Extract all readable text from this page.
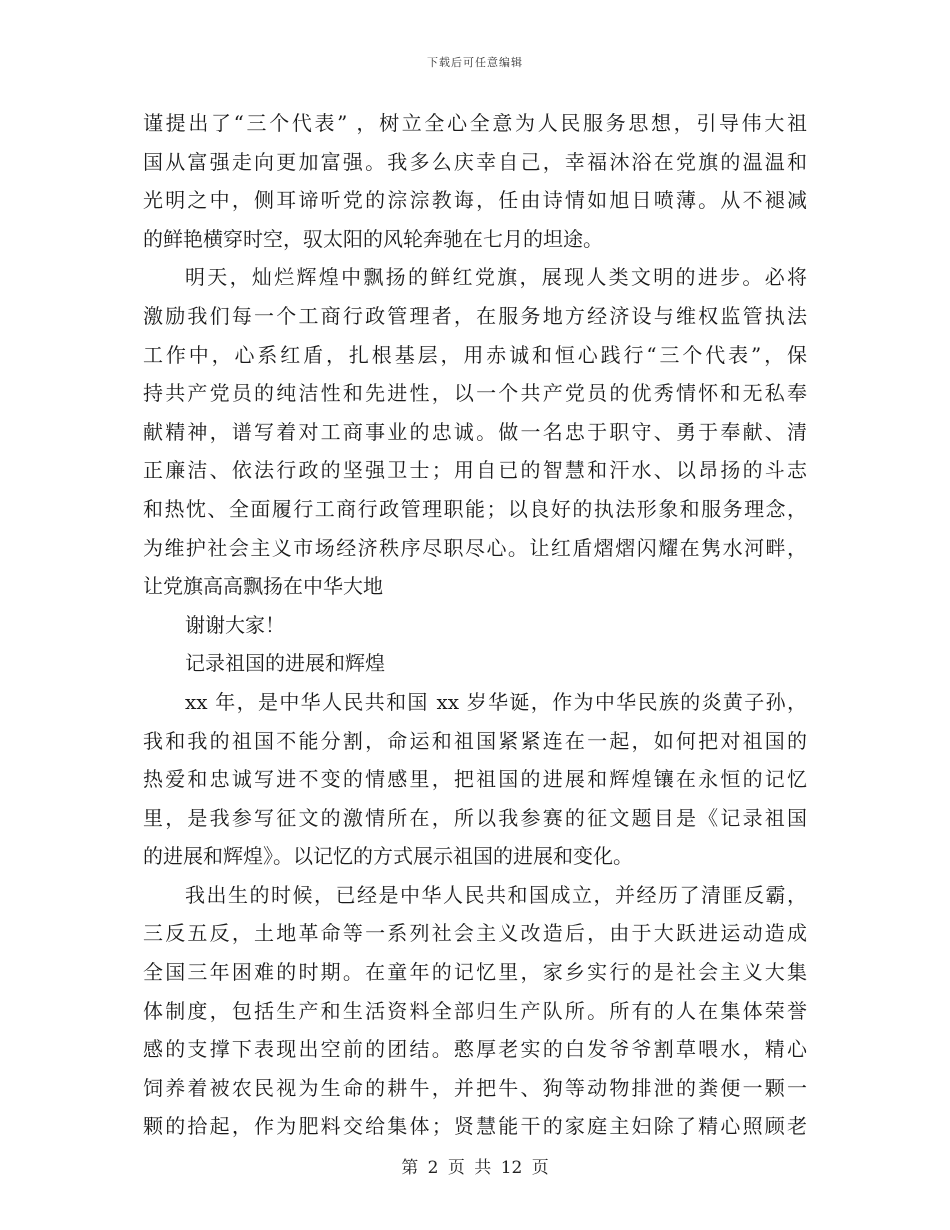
下载后可任意编辑
谨提出了“三个代表” ，树立全心全意为人民服务思想，引导伟大祖
国从富强走向更加富强。我多么庆幸自己，幸福沐浴在党旗的温温和
光明之中，侧耳谛听党的淙淙教诲，任由诗情如旭日喷薄。从不褪减
的鲜艳横穿时空，驭太阳的风轮奔驰在七月的坦途。
明天，灿烂辉煌中飘扬的鲜红党旗，展现人类文明的进步。必将
激励我们每一个工商行政管理者，在服务地方经济设与维权监管执法
工作中，心系红盾，扎根基层，用赤诚和恒心践行“三个代表”，保
持共产党员的纯洁性和先进性，以一个共产党员的优秀情怀和无私奉
献精神，谱写着对工商事业的忠诚。做一名忠于职守、勇于奉献、清
正廉洁、依法行政的坚强卫士；用自已的智慧和汗水、以昂扬的斗志
和热忱、全面履行工商行政管理职能；以良好的执法形象和服务理念，
为维护社会主义市场经济秩序尽职尽心。让红盾熠熠闪耀在隽水河畔，
让党旗高高飘扬在中华大地
谢谢大家！
记录祖国的进展和辉煌
xx 年，是中华人民共和国 xx 岁华诞，作为中华民族的炎黄子孙，
我和我的祖国不能分割，命运和祖国紧紧连在一起，如何把对祖国的
热爱和忠诚写进不变的情感里，把祖国的进展和辉煌镶在永恒的记忆
里，是我参写征文的激情所在，所以我参赛的征文题目是《记录祖国
的进展和辉煌》。以记忆的方式展示祖国的进展和变化。
我出生的时候，已经是中华人民共和国成立，并经历了清匪反霸，
三反五反，土地革命等一系列社会主义改造后，由于大跃进运动造成
全国三年困难的时期。在童年的记忆里，家乡实行的是社会主义大集
体制度，包括生产和生活资料全部归生产队所。所有的人在集体荣誉
感的支撑下表现出空前的团结。憨厚老实的白发爷爷割草喂水，精心
饲养着被农民视为生命的耕牛，并把牛、狗等动物排泄的粪便一颗一
颗的拾起，作为肥料交给集体；贤慧能干的家庭主妇除了精心照顾老
第 2 页 共 12 页
